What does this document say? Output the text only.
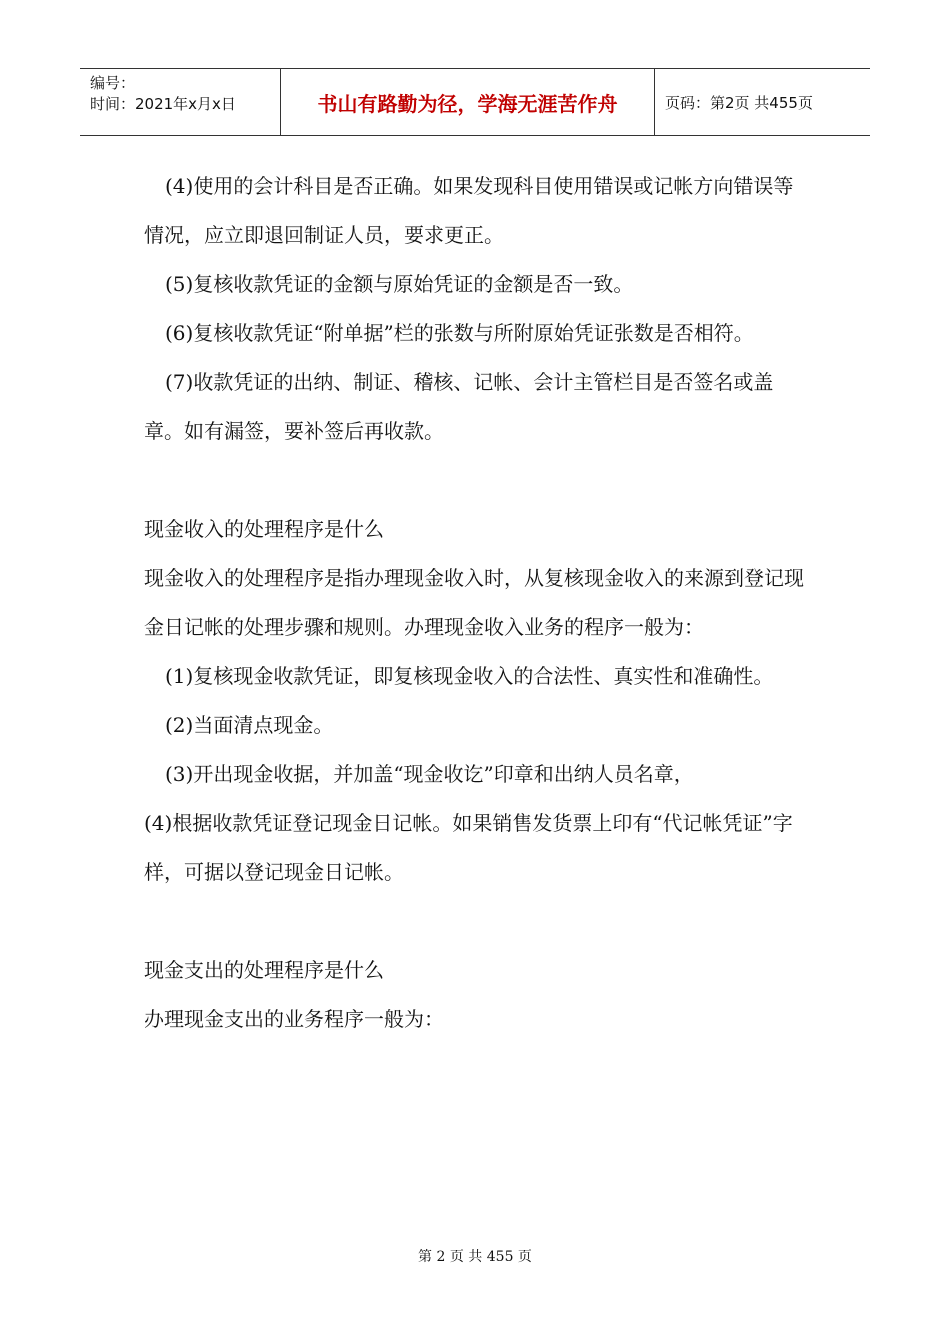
编号：
时间：2021年x月x日	书山有路勤为径，学海无涯苦作舟	页码：第2页 共455页

(4)使用的会计科目是否正确。如果发现科目使用错误或记帐方向错误等情况，应立即退回制证人员，要求更正。

(5)复核收款凭证的金额与原始凭证的金额是否一致。

(6)复核收款凭证“附单据”栏的张数与所附原始凭证张数是否相符。

(7)收款凭证的出纳、制证、稽核、记帐、会计主管栏目是否签名或盖章。如有漏签，要补签后再收款。

现金收入的处理程序是什么

现金收入的处理程序是指办理现金收入时，从复核现金收入的来源到登记现金日记帐的处理步骤和规则。办理现金收入业务的程序一般为：

(1)复核现金收款凭证，即复核现金收入的合法性、真实性和准确性。

(2)当面清点现金。

(3)开出现金收据，并加盖“现金收讫”印章和出纳人员名章，

(4)根据收款凭证登记现金日记帐。如果销售发货票上印有“代记帐凭证”字样，可据以登记现金日记帐。

现金支出的处理程序是什么

办理现金支出的业务程序一般为：

第 2 页 共 455 页
